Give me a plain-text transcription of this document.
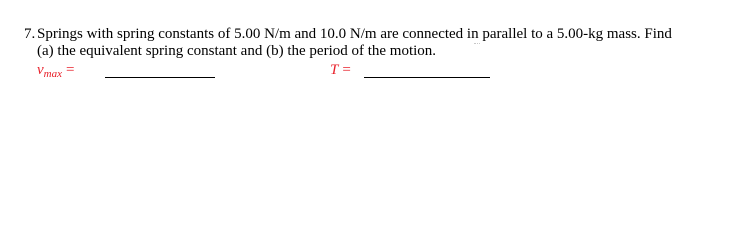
7. Springs with spring constants of 5.00 N/m and 10.0 N/m are connected in parallel to a 5.00-kg mass. Find
(a) the equivalent spring constant and (b) the period of the motion.
$v_{max}$ =	T =
